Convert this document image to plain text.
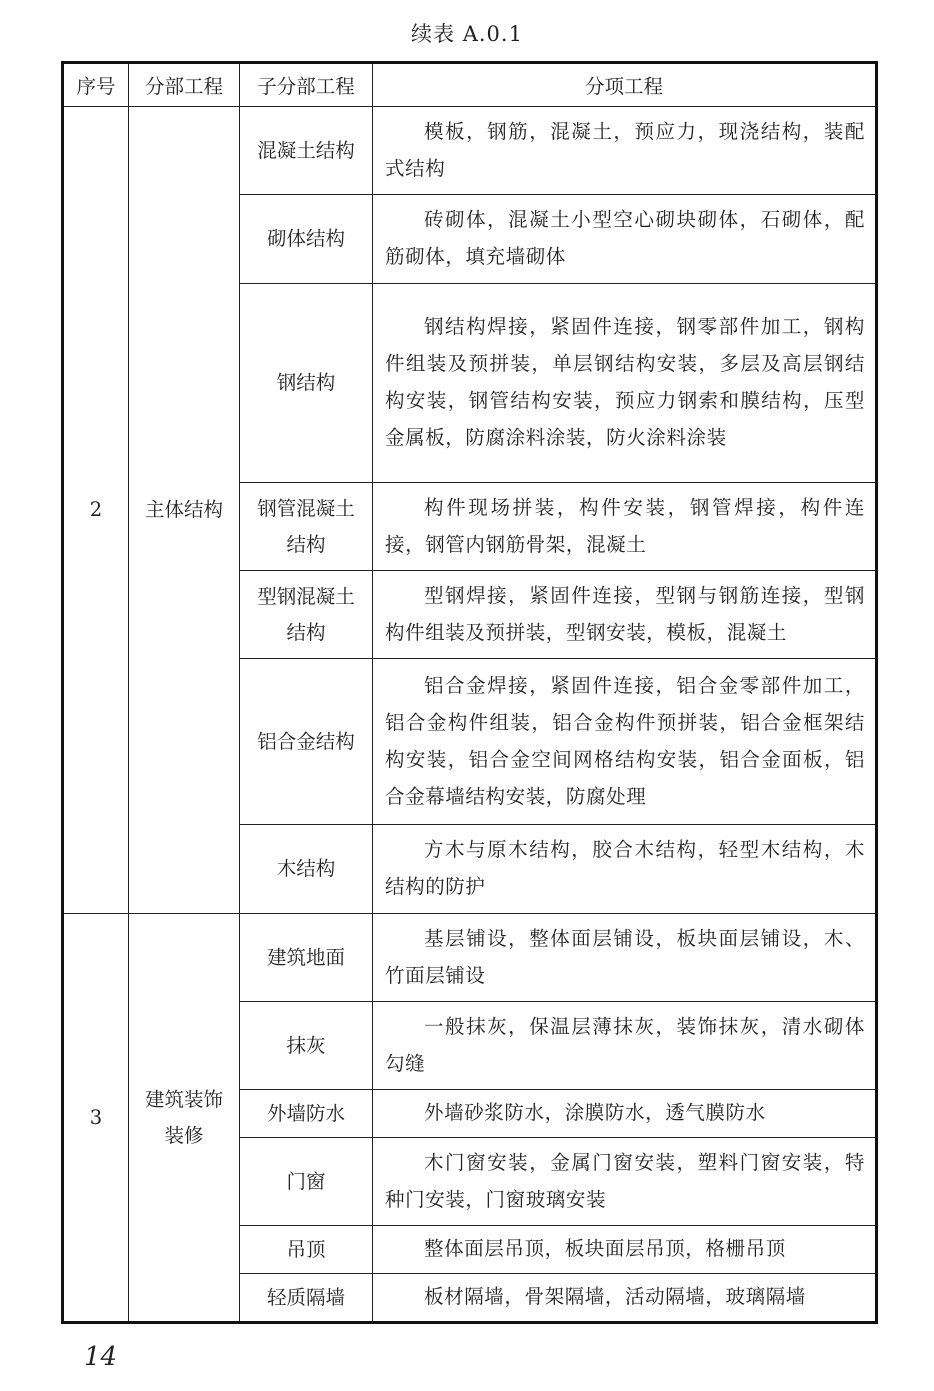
续表 A.0.1
序号	分部工程	子分部工程	分项工程
2	主体结构	混凝土结构	模板，钢筋，混凝土，预应力，现浇结构，装配式结构
		砌体结构	砖砌体，混凝土小型空心砌块砌体，石砌体，配筋砌体，填充墙砌体
		钢结构	钢结构焊接，紧固件连接，钢零部件加工，钢构件组装及预拼装，单层钢结构安装，多层及高层钢结构安装，钢管结构安装，预应力钢索和膜结构，压型金属板，防腐涂料涂装，防火涂料涂装
		钢管混凝土结构	构件现场拼装，构件安装，钢管焊接，构件连接，钢管内钢筋骨架，混凝土
		型钢混凝土结构	型钢焊接，紧固件连接，型钢与钢筋连接，型钢构件组装及预拼装，型钢安装，模板，混凝土
		铝合金结构	铝合金焊接，紧固件连接，铝合金零部件加工，铝合金构件组装，铝合金构件预拼装，铝合金框架结构安装，铝合金空间网格结构安装，铝合金面板，铝合金幕墙结构安装，防腐处理
		木结构	方木与原木结构，胶合木结构，轻型木结构，木结构的防护
3	建筑装饰装修	建筑地面	基层铺设，整体面层铺设，板块面层铺设，木、竹面层铺设
		抹灰	一般抹灰，保温层薄抹灰，装饰抹灰，清水砌体勾缝
		外墙防水	外墙砂浆防水，涂膜防水，透气膜防水
		门窗	木门窗安装，金属门窗安装，塑料门窗安装，特种门安装，门窗玻璃安装
		吊顶	整体面层吊顶，板块面层吊顶，格栅吊顶
		轻质隔墙	板材隔墙，骨架隔墙，活动隔墙，玻璃隔墙
14
